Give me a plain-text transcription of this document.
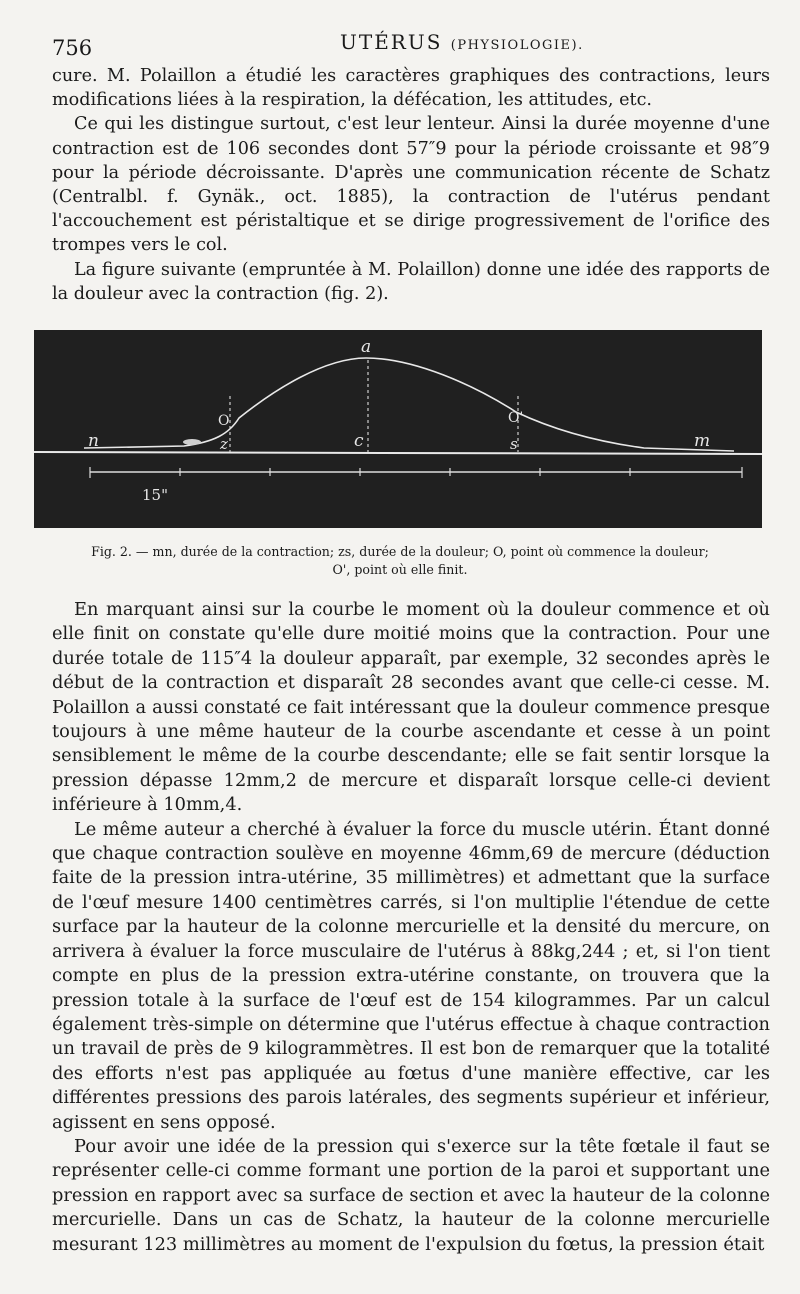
756	UTÉRUS (PHYSIOLOGIE).

cure. M. Polaillon a étudié les caractères graphiques des contractions, leurs modifications liées à la respiration, la défécation, les attitudes, etc.

Ce qui les distingue surtout, c'est leur lenteur. Ainsi la durée moyenne d'une contraction est de 106 secondes dont 57″9 pour la période croissante et 98″9 pour la période décroissante. D'après une communication récente de Schatz (Centralbl. f. Gynäk., oct. 1885), la contraction de l'utérus pendant l'accouchement est péristaltique et se dirige progressivement de l'orifice des trompes vers le col.

La figure suivante (empruntée à M. Polaillon) donne une idée des rapports de la douleur avec la contraction (fig. 2).

a
n	m
c
z	s
O	O'
15"
Fig. 2. — mn, durée de la contraction; zs, durée de la douleur; O, point où commence la douleur;
O', point où elle finit.

En marquant ainsi sur la courbe le moment où la douleur commence et où elle finit on constate qu'elle dure moitié moins que la contraction. Pour une durée totale de 115″4 la douleur apparaît, par exemple, 32 secondes après le début de la contraction et disparaît 28 secondes avant que celle-ci cesse. M. Polaillon a aussi constaté ce fait intéressant que la douleur commence presque toujours à une même hauteur de la courbe ascendante et cesse à un point sensiblement le même de la courbe descendante; elle se fait sentir lorsque la pression dépasse 12mm,2 de mercure et disparaît lorsque celle-ci devient inférieure à 10mm,4.

Le même auteur a cherché à évaluer la force du muscle utérin. Étant donné que chaque contraction soulève en moyenne 46mm,69 de mercure (déduction faite de la pression intra-utérine, 35 millimètres) et admettant que la surface de l'œuf mesure 1400 centimètres carrés, si l'on multiplie l'étendue de cette surface par la hauteur de la colonne mercurielle et la densité du mercure, on arrivera à évaluer la force musculaire de l'utérus à 88kg,244 ; et, si l'on tient compte en plus de la pression extra-utérine constante, on trouvera que la pression totale à la surface de l'œuf est de 154 kilogrammes. Par un calcul également très-simple on détermine que l'utérus effectue à chaque contraction un travail de près de 9 kilogrammètres. Il est bon de remarquer que la totalité des efforts n'est pas appliquée au fœtus d'une manière effective, car les différentes pressions des parois latérales, des segments supérieur et inférieur, agissent en sens opposé.

Pour avoir une idée de la pression qui s'exerce sur la tête fœtale il faut se représenter celle-ci comme formant une portion de la paroi et supportant une pression en rapport avec sa surface de section et avec la hauteur de la colonne mercurielle. Dans un cas de Schatz, la hauteur de la colonne mercurielle mesurant 123 millimètres au moment de l'expulsion du fœtus, la pression était
